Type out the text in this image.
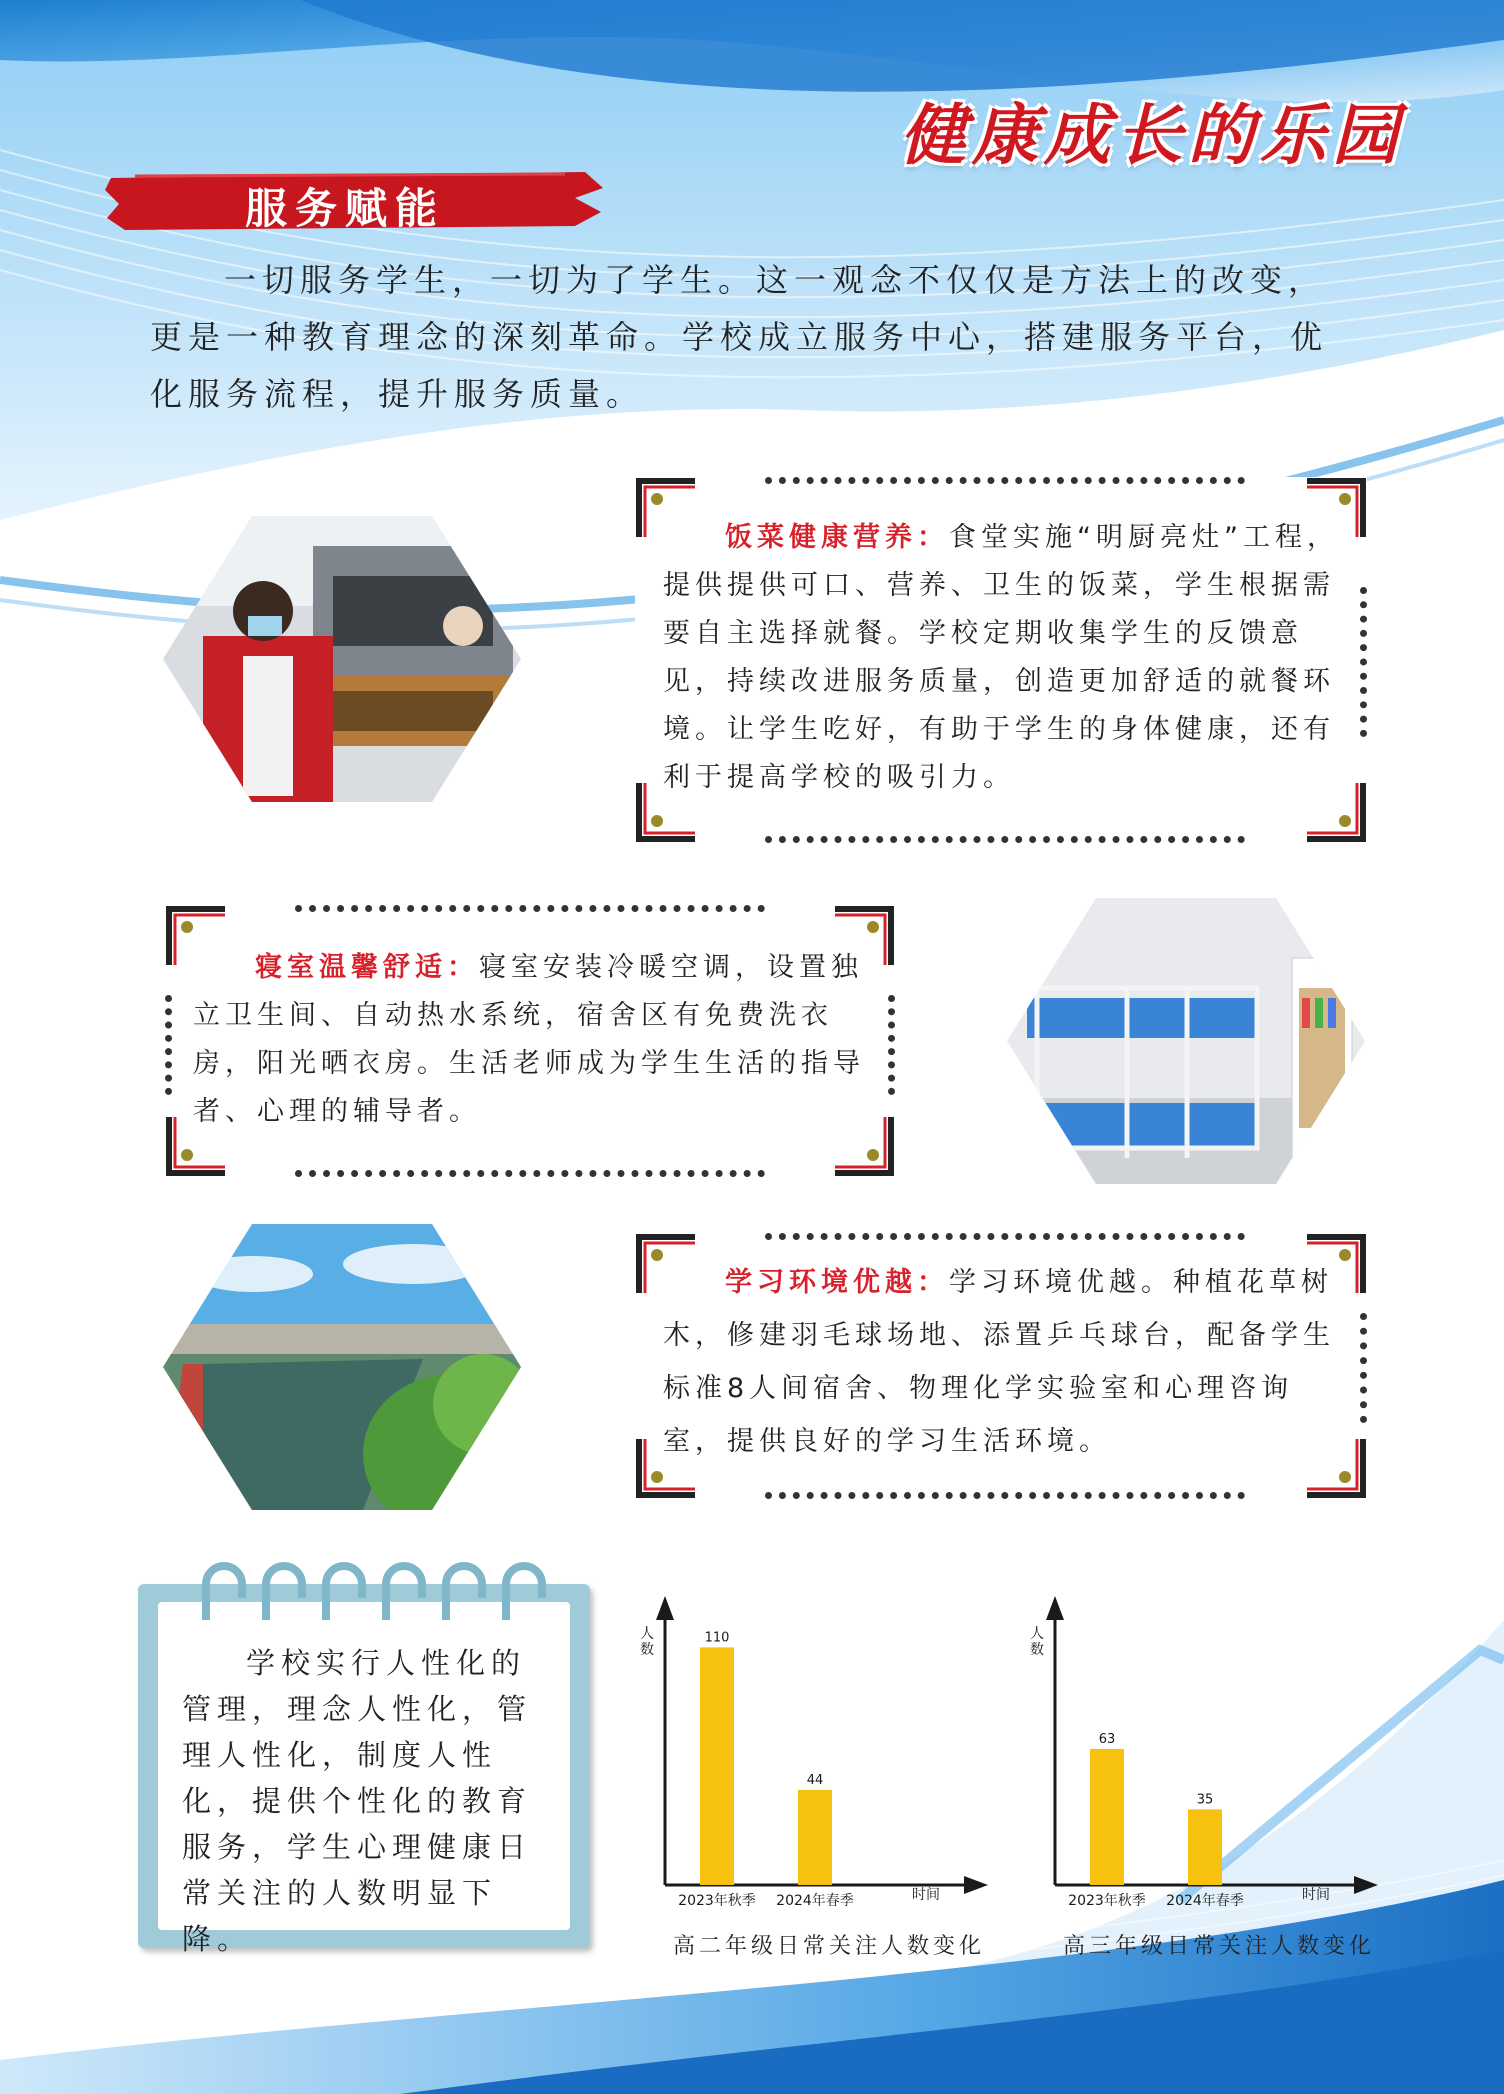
健康成长的乐园
服务赋能
一切服务学生，一切为了学生。这一观念不仅仅是方法上的改变，更是一种教育理念的深刻革命。学校成立服务中心，搭建服务平台，优化服务流程，提升服务质量。
饭菜健康营养：食堂实施“明厨亮灶”工程，提供提供可口、营养、卫生的饭菜，学生根据需要自主选择就餐。学校定期收集学生的反馈意见，持续改进服务质量，创造更加舒适的就餐环境。让学生吃好，有助于学生的身体健康，还有利于提高学校的吸引力。
寝室温馨舒适：寝室安装冷暖空调，设置独立卫生间、自动热水系统，宿舍区有免费洗衣房，阳光晒衣房。生活老师成为学生生活的指导者、心理的辅导者。
学习环境优越：学习环境优越。种植花草树木，修建羽毛球场地、添置乒乓球台，配备学生标准8人间宿舍、物理化学实验室和心理咨询室，提供良好的学习生活环境。
学校实行人性化的管理，理念人性化，管理人性化，制度人性化，提供个性化的教育服务，学生心理健康日常关注的人数明显下降。
人数
时间
110
2023年秋季
44
2024年春季
人数
时间
63
2023年秋季
35
2024年春季
高二年级日常关注人数变化	高三年级日常关注人数变化
